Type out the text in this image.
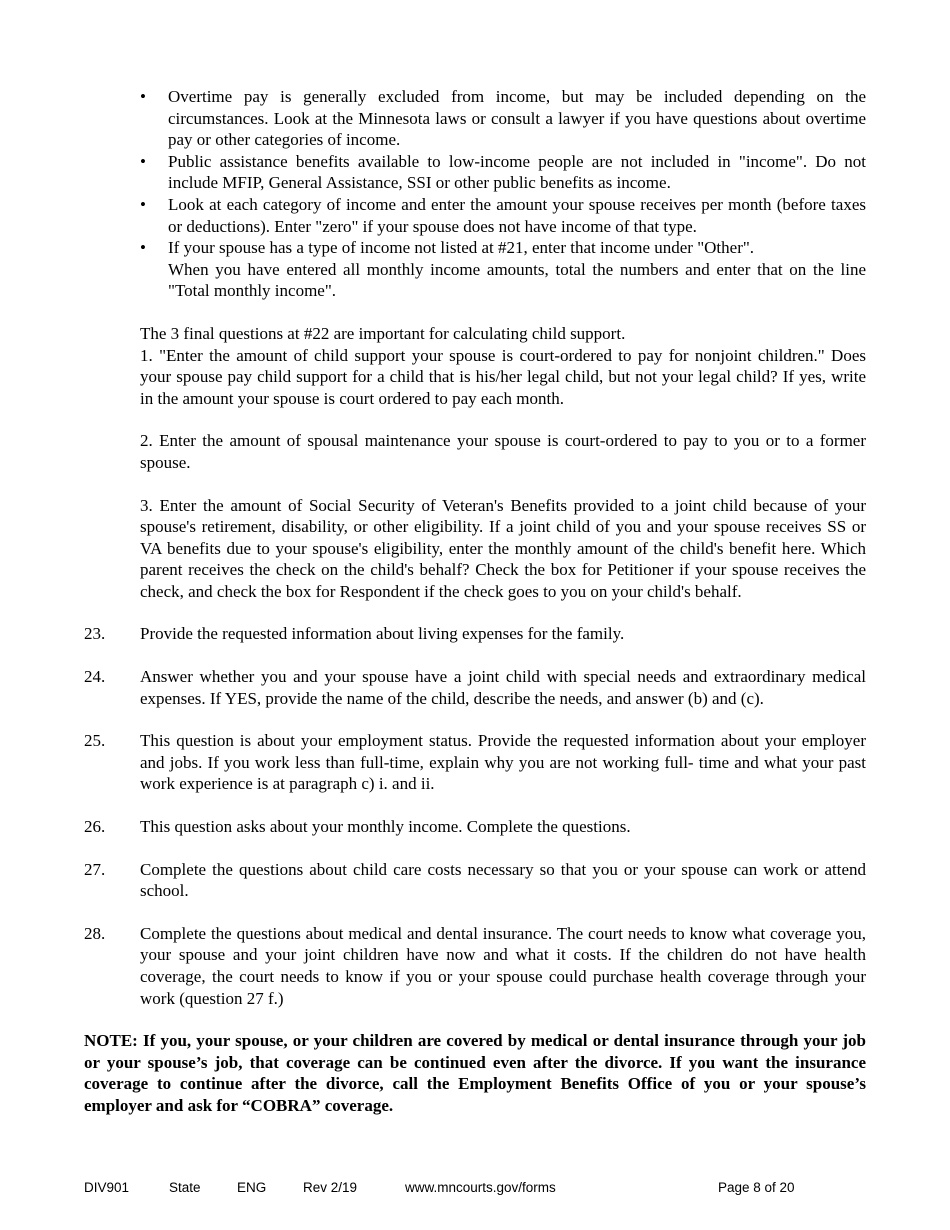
• Overtime pay is generally excluded from income, but may be included depending on the circumstances. Look at the Minnesota laws or consult a lawyer if you have questions about overtime pay or other categories of income.
• Public assistance benefits available to low-income people are not included in "income". Do not include MFIP, General Assistance, SSI or other public benefits as income.
• Look at each category of income and enter the amount your spouse receives per month (before taxes or deductions). Enter "zero" if your spouse does not have income of that type.
• If your spouse has a type of income not listed at #21, enter that income under "Other".
When you have entered all monthly income amounts, total the numbers and enter that on the line "Total monthly income".
The 3 final questions at #22 are important for calculating child support.
1. "Enter the amount of child support your spouse is court-ordered to pay for nonjoint children." Does your spouse pay child support for a child that is his/her legal child, but not your legal child? If yes, write in the amount your spouse is court ordered to pay each month.
2. Enter the amount of spousal maintenance your spouse is court-ordered to pay to you or to a former spouse.
3. Enter the amount of Social Security of Veteran's Benefits provided to a joint child because of your spouse's retirement, disability, or other eligibility. If a joint child of you and your spouse receives SS or VA benefits due to your spouse's eligibility, enter the monthly amount of the child's benefit here. Which parent receives the check on the child's behalf? Check the box for Petitioner if your spouse receives the check, and check the box for Respondent if the check goes to you on your child's behalf.
23. Provide the requested information about living expenses for the family.
24. Answer whether you and your spouse have a joint child with special needs and extraordinary medical expenses. If YES, provide the name of the child, describe the needs, and answer (b) and (c).
25. This question is about your employment status. Provide the requested information about your employer and jobs. If you work less than full-time, explain why you are not working full- time and what your past work experience is at paragraph c) i. and ii.
26. This question asks about your monthly income. Complete the questions.
27. Complete the questions about child care costs necessary so that you or your spouse can work or attend school.
28. Complete the questions about medical and dental insurance. The court needs to know what coverage you, your spouse and your joint children have now and what it costs. If the children do not have health coverage, the court needs to know if you or your spouse could purchase health coverage through your work (question 27 f.)
NOTE: If you, your spouse, or your children are covered by medical or dental insurance through your job or your spouse’s job, that coverage can be continued even after the divorce. If you want the insurance coverage to continue after the divorce, call the Employment Benefits Office of you or your spouse’s employer and ask for “COBRA” coverage.
DIV901	State	ENG	Rev 2/19	www.mncourts.gov/forms	Page 8 of 20
